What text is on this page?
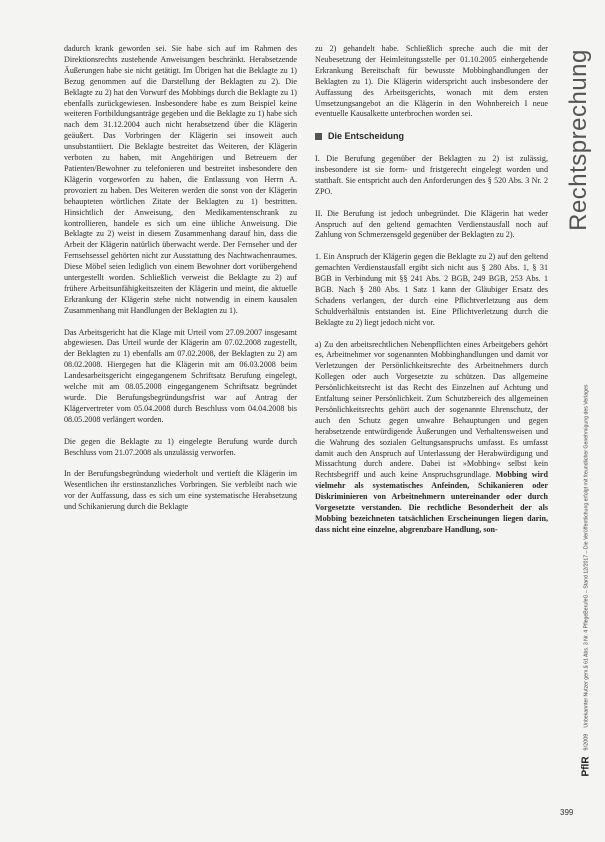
dadurch krank geworden sei. Sie habe sich auf im Rahmen des Direktionsrechts zustehende Anweisungen beschränkt. Herabsetzende Äußerungen habe sie nicht getätigt. Im Übrigen hat die Beklagte zu 1) Bezug genommen auf die Darstellung der Beklagten zu 2). Die Beklagte zu 2) hat den Vorwurf des Mobbings durch die Beklagte zu 1) ebenfalls zurückgewiesen. Insbesondere habe es zum Beispiel keine weiteren Fortbildungsanträge gegeben und die Beklagte zu 1) habe sich nach dem 31.12.2004 auch nicht herabsetzend über die Klägerin geäußert. Das Vorbringen der Klägerin sei insoweit auch unsubstantiiert. Die Beklagte bestreitet das Weiteren, der Klägerin verboten zu haben, mit Angehörigen und Betreuern der Patienten/Bewohner zu telefonieren und bestreitet insbesondere den Klägerin vorgeworfen zu haben, die Entlassung von Herrn A. provoziert zu haben. Des Weiteren werden die sonst von der Klägerin behaupteten wörtlichen Zitate der Beklagten zu 1) bestritten. Hinsichtlich der Anweisung, den Medikamentenschrank zu kontrollieren, handele es sich um eine übliche Anweisung. Die Beklagte zu 2) weist in diesem Zusammenhang darauf hin, dass die Arbeit der Klägerin natürlich überwacht werde. Der Fernseher und der Fernsehsessel gehörten nicht zur Ausstattung des Nachtwachenraumes. Diese Möbel seien lediglich von einem Bewohner dort vorübergehend untergestellt worden. Schließlich verweist die Beklagte zu 2) auf frühere Arbeitsunfähigkeitszeiten der Klägerin und meint, die aktuelle Erkrankung der Klägerin stehe nicht notwendig in einem kausalen Zusammenhang mit Handlungen der Beklagten zu 1).

Das Arbeitsgericht hat die Klage mit Urteil vom 27.09.2007 insgesamt abgewiesen. Das Urteil wurde der Klägerin am 07.02.2008 zugestellt, der Beklagten zu 1) ebenfalls am 07.02.2008, der Beklagten zu 2) am 08.02.2008. Hiergegen hat die Klägerin mit am 06.03.2008 beim Landesarbeitsgericht eingegangenem Schriftsatz Berufung eingelegt, welche mit am 08.05.2008 eingegangenem Schriftsatz begründet wurde. Die Berufungsbegründungsfrist war auf Antrag der Klägervertreter vom 05.04.2008 durch Beschluss vom 04.04.2008 bis 08.05.2008 verlängert worden.

Die gegen die Beklagte zu 1) eingelegte Berufung wurde durch Beschluss vom 21.07.2008 als unzulässig verworfen.

In der Berufungsbegründung wiederholt und vertieft die Klägerin im Wesentlichen ihr erstinstanzliches Vorbringen. Sie verbleibt nach wie vor der Auffassung, dass es sich um eine systematische Herabsetzung und Schikanierung durch die Beklagte

zu 2) gehandelt habe. Schließlich spreche auch die mit der Neubesetzung der Heimleitungsstelle per 01.10.2005 einhergehende Erkrankung Bereitschaft für bewusste Mobbinghandlungen der Beklagten zu 1). Die Klägerin widerspricht auch insbesondere der Auffassung des Arbeitsgerichts, wonach mit dem ersten Umsetzungsangebot an die Klägerin in den Wohnbereich I neue eventuelle Kausalkette unterbrochen worden sei.

Die Entscheidung

I. Die Berufung gegenüber der Beklagten zu 2) ist zulässig, insbesondere ist sie form- und fristgerecht eingelegt worden und statthaft. Sie entspricht auch den Anforderungen des § 520 Abs. 3 Nr. 2 ZPO.

II. Die Berufung ist jedoch unbegründet. Die Klägerin hat weder Anspruch auf den geltend gemachten Verdienstausfall noch auf Zahlung von Schmerzensgeld gegenüber der Beklagten zu 2).

1. Ein Anspruch der Klägerin gegen die Beklagte zu 2) auf den geltend gemachten Verdienstausfall ergibt sich nicht aus § 280 Abs. 1, § 31 BGB in Verbindung mit §§ 241 Abs. 2 BGB, 249 BGB, 253 Abs. 1 BGB. Nach § 280 Abs. 1 Satz 1 kann der Gläubiger Ersatz des Schadens verlangen, der durch eine Pflichtverletzung aus dem Schuldverhältnis entstanden ist. Eine Pflichtverletzung durch die Beklagte zu 2) liegt jedoch nicht vor.

a) Zu den arbeitsrechtlichen Nebenpflichten eines Arbeitgebers gehört es, Arbeitnehmer vor sogenannten Mobbinghandlungen und damit vor Verletzungen der Persönlichkeitsrechte des Arbeitnehmers durch Kollegen oder auch Vorgesetzte zu schützen. Das allgemeine Persönlichkeitsrecht ist das Recht des Einzelnen auf Achtung und Entfaltung seiner Persönlichkeit. Zum Schutzbereich des allgemeinen Persönlichkeitsrechts gehört auch der sogenannte Ehrenschutz, der auch den Schutz gegen unwahre Behauptungen und gegen herabsetzende entwürdigende Äußerungen und Verhaltensweisen und die Wahrung des sozialen Geltungsanspruchs umfasst. Es umfasst damit auch den Anspruch auf Unterlassung der Herabwürdigung und Missachtung durch andere. Dabei ist »Mobbing« selbst kein Rechtsbegriff und auch keine Anspruchsgrundlage. Mobbing wird vielmehr als systematisches Anfeinden, Schikanieren oder Diskriminieren von Arbeitnehmern untereinander oder durch Vorgesetzte verstanden. Die rechtliche Besonderheit der als Mobbing bezeichneten tatsächlichen Erscheinungen liegen darin, dass nicht eine einzelne, abgrenzbare Handlung, son-

Rechtsprechung
PflR
9/2009
Unbekannter Nutzer gem.§ 61 Abs. 3 Nr. 4 PflegeBerufeG – Stand 12/2017 – Die Veröffentlichung erfolgt mit freundlicher Genehmigung des Verlages
399
